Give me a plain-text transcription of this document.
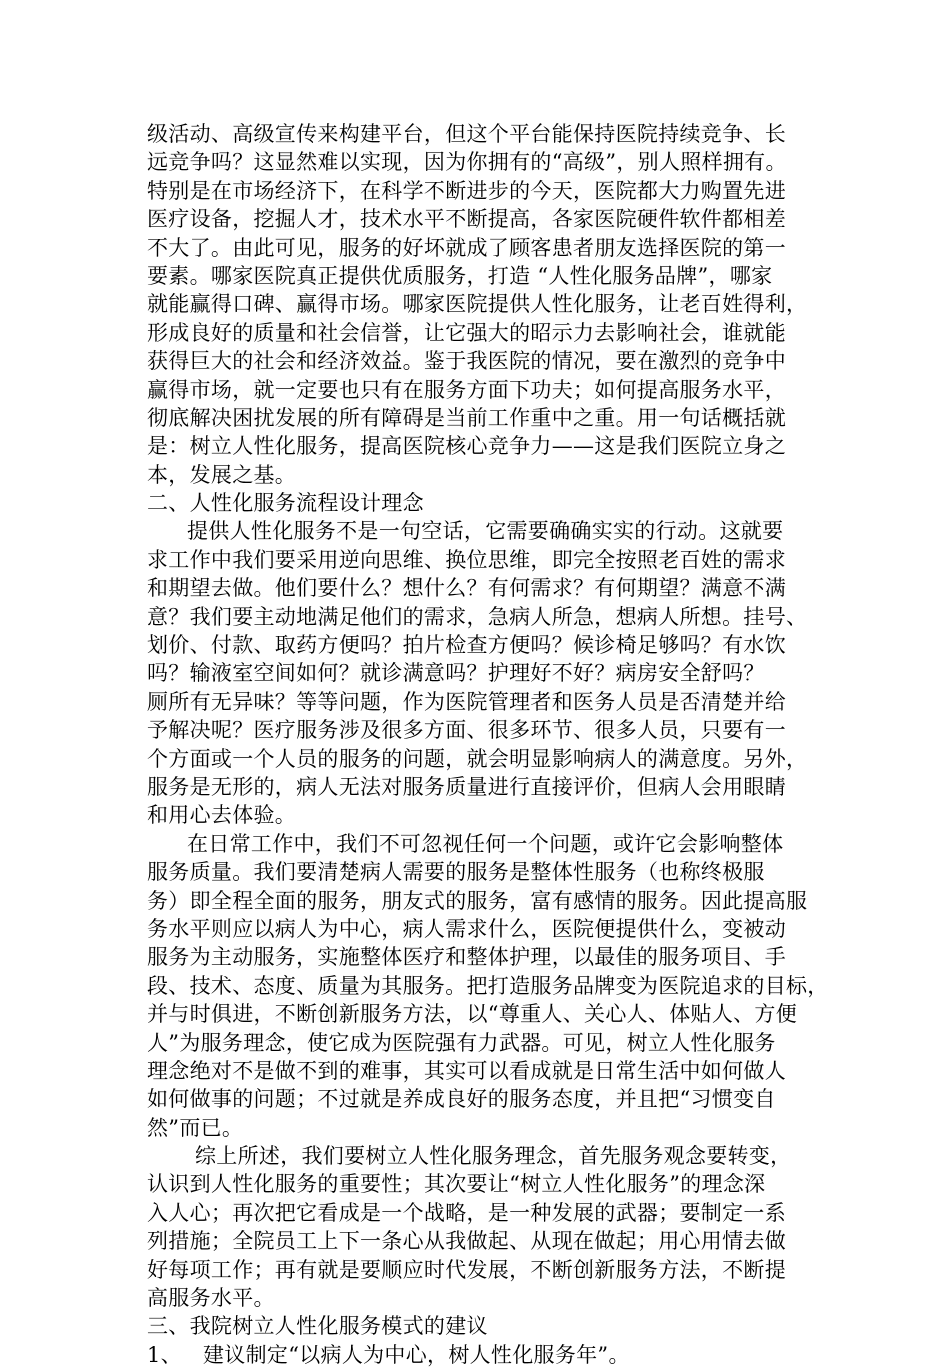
级活动、高级宣传来构建平台，但这个平台能保持医院持续竞争、长
远竞争吗？这显然难以实现，因为你拥有的“高级”，别人照样拥有。
特别是在市场经济下，在科学不断进步的今天，医院都大力购置先进
医疗设备，挖掘人才，技术水平不断提高，各家医院硬件软件都相差
不大了。由此可见，服务的好坏就成了顾客患者朋友选择医院的第一
要素。哪家医院真正提供优质服务，打造 “人性化服务品牌”，哪家
就能赢得口碑、赢得市场。哪家医院提供人性化服务，让老百姓得利，
形成良好的质量和社会信誉，让它强大的昭示力去影响社会，谁就能
获得巨大的社会和经济效益。鉴于我医院的情况，要在激烈的竞争中
赢得市场，就一定要也只有在服务方面下功夫；如何提高服务水平，
彻底解决困扰发展的所有障碍是当前工作重中之重。用一句话概括就
是：树立人性化服务，提高医院核心竞争力——这是我们医院立身之
本，发展之基。
二、人性化服务流程设计理念
提供人性化服务不是一句空话，它需要确确实实的行动。这就要
求工作中我们要采用逆向思维、换位思维，即完全按照老百姓的需求
和期望去做。他们要什么？想什么？有何需求？有何期望？满意不满
意？我们要主动地满足他们的需求，急病人所急，想病人所想。挂号、
划价、付款、取药方便吗？拍片检查方便吗？候诊椅足够吗？有水饮
吗？输液室空间如何？就诊满意吗？护理好不好？病房安全舒吗？
厕所有无异味？等等问题，作为医院管理者和医务人员是否清楚并给
予解决呢？医疗服务涉及很多方面、很多环节、很多人员，只要有一
个方面或一个人员的服务的问题，就会明显影响病人的满意度。另外，
服务是无形的，病人无法对服务质量进行直接评价，但病人会用眼睛
和用心去体验。
在日常工作中，我们不可忽视任何一个问题，或许它会影响整体
服务质量。我们要清楚病人需要的服务是整体性服务（也称终极服
务）即全程全面的服务，朋友式的服务，富有感情的服务。因此提高服
务水平则应以病人为中心，病人需求什么，医院便提供什么，变被动
服务为主动服务，实施整体医疗和整体护理，以最佳的服务项目、手
段、技术、态度、质量为其服务。把打造服务品牌变为医院追求的目标，
并与时俱进，不断创新服务方法，以“尊重人、关心人、体贴人、方便
人”为服务理念，使它成为医院强有力武器。可见，树立人性化服务
理念绝对不是做不到的难事，其实可以看成就是日常生活中如何做人
如何做事的问题；不过就是养成良好的服务态度，并且把“习惯变自
然”而已。
综上所述，我们要树立人性化服务理念，首先服务观念要转变，
认识到人性化服务的重要性；其次要让“树立人性化服务”的理念深
入人心；再次把它看成是一个战略，是一种发展的武器；要制定一系
列措施；全院员工上下一条心从我做起、从现在做起；用心用情去做
好每项工作；再有就是要顺应时代发展，不断创新服务方法，不断提
高服务水平。
三、我院树立人性化服务模式的建议
1、 建议制定“以病人为中心，树人性化服务年”。
